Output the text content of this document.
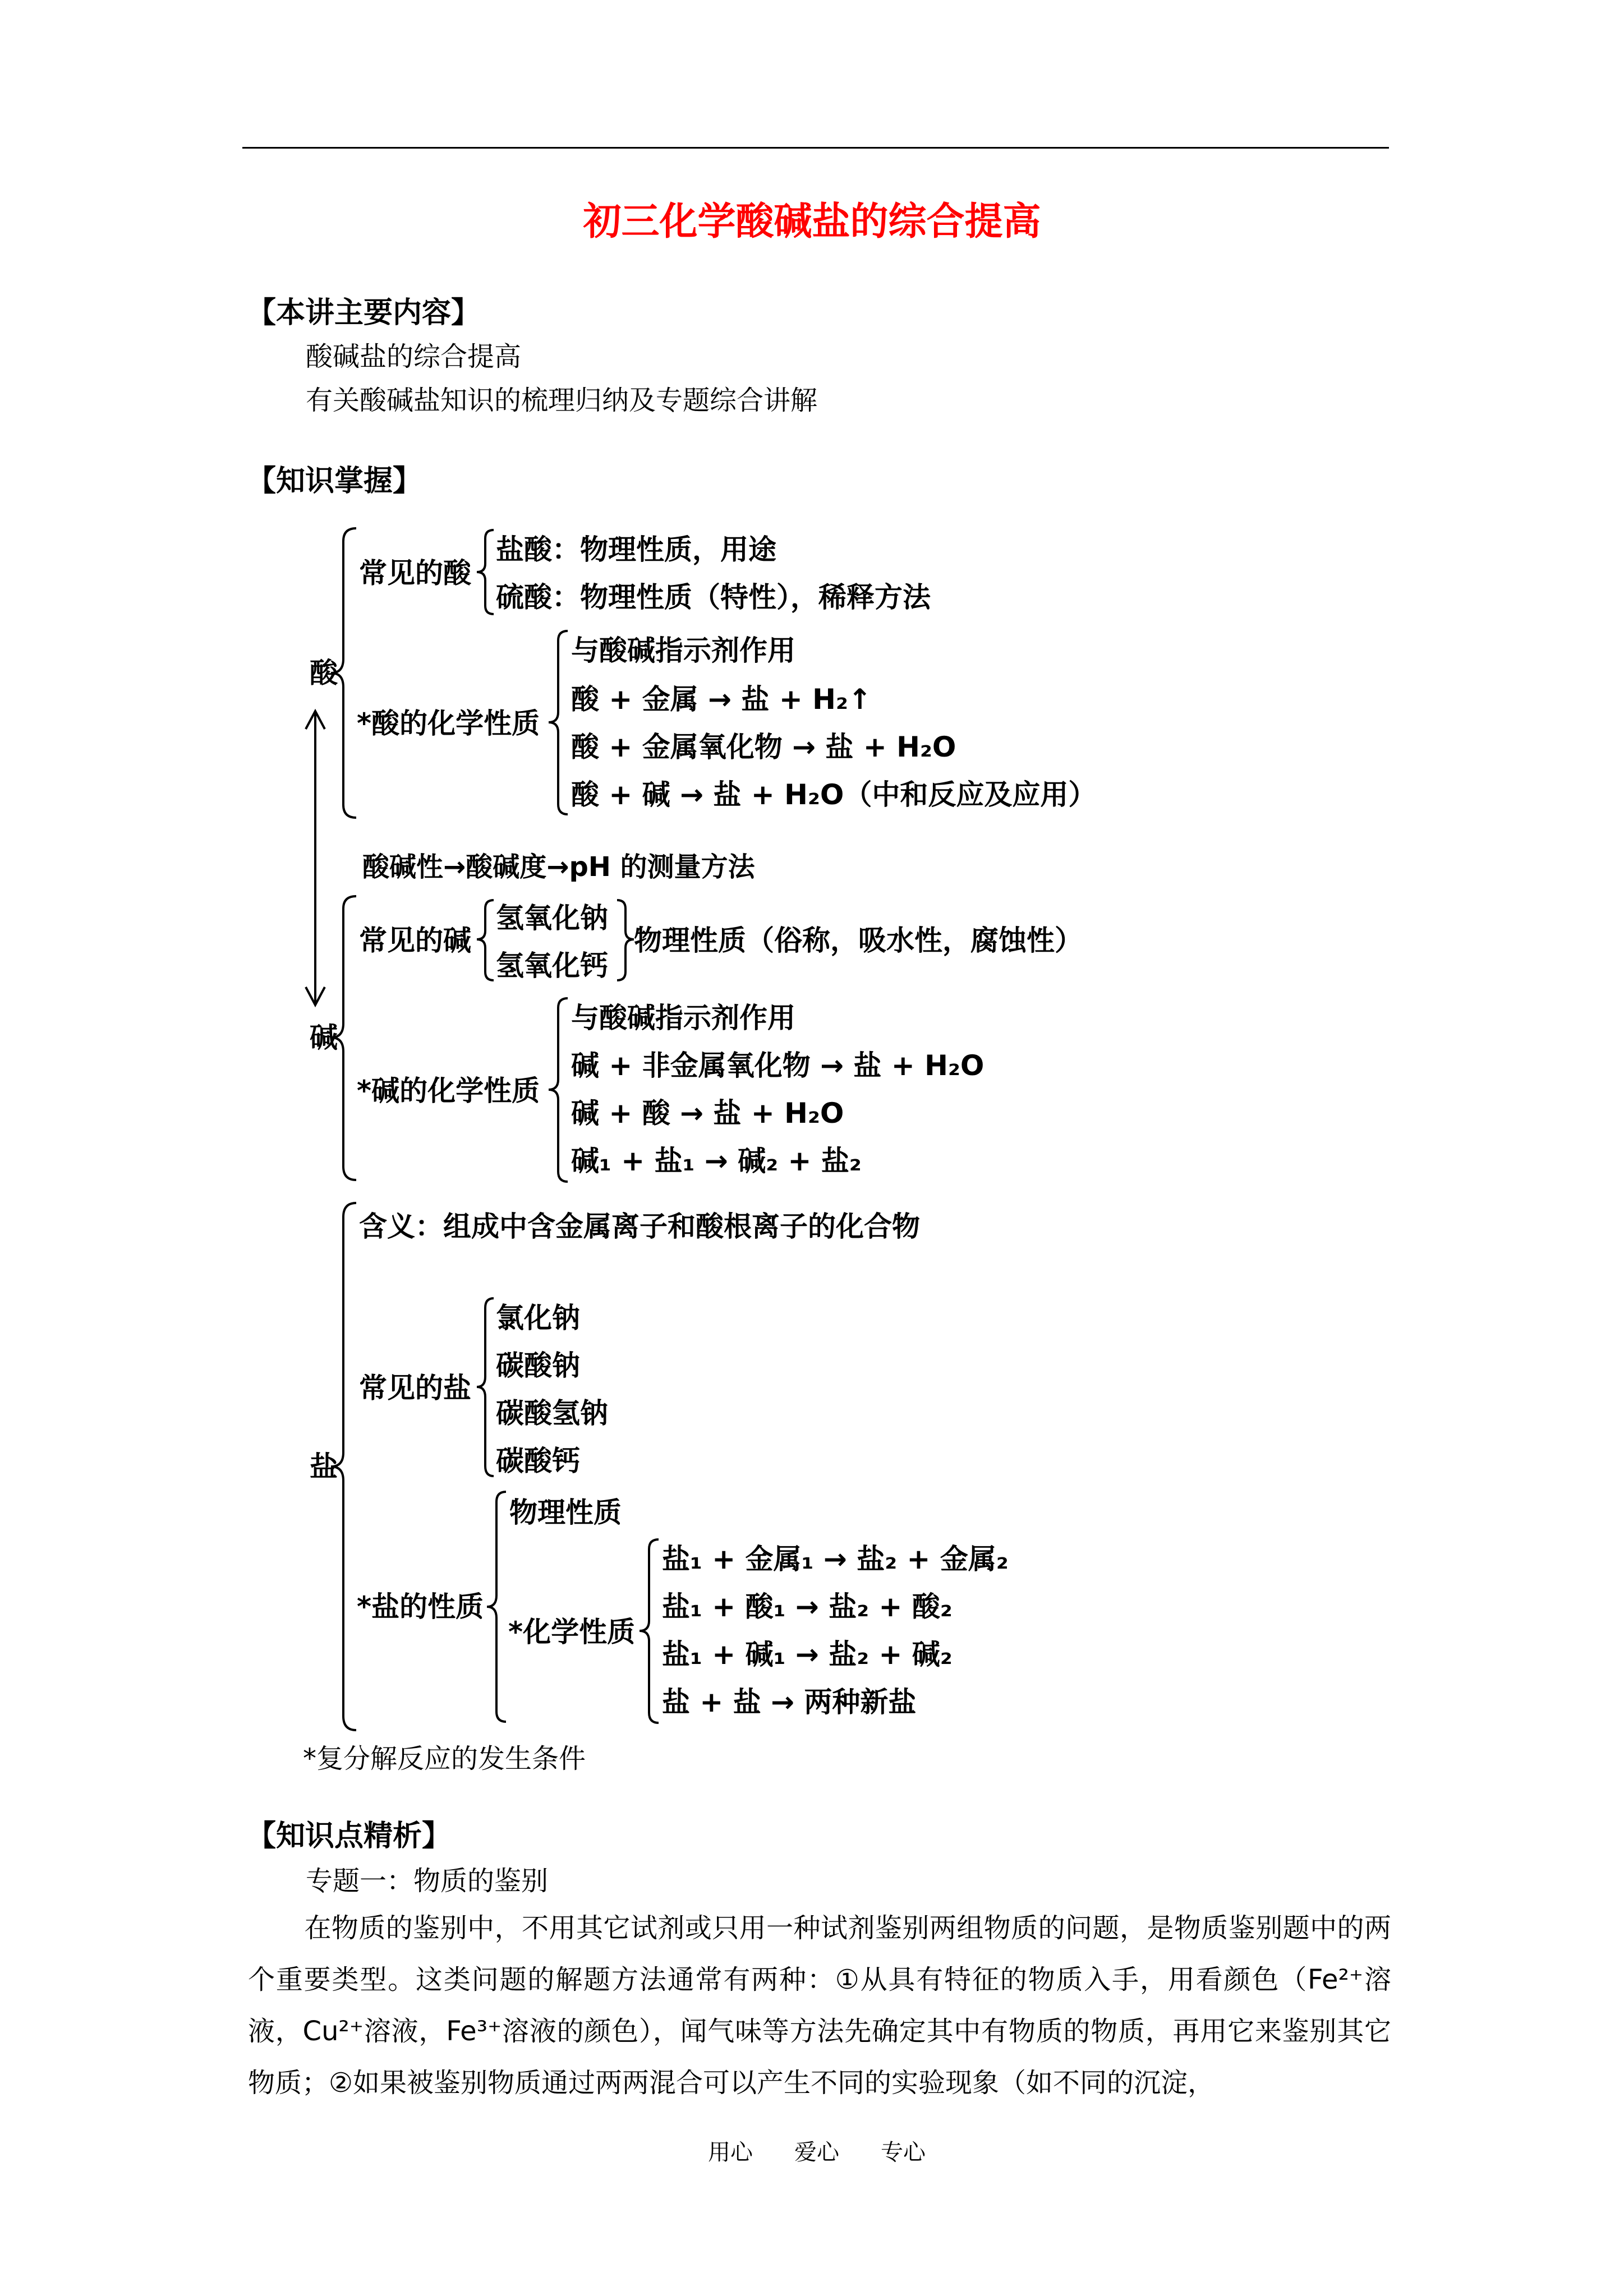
初三化学酸碱盐的综合提高
【本讲主要内容】
酸碱盐的综合提高
有关酸碱盐知识的梳理归纳及专题综合讲解
【知识掌握】
酸
常见的酸
盐酸：物理性质，用途
硫酸：物理性质（特性），稀释方法
*酸的化学性质
与酸碱指示剂作用
酸 + 金属 → 盐 + H₂↑
酸 + 金属氧化物 → 盐 + H₂O
酸 + 碱 → 盐 + H₂O（中和反应及应用）
酸碱性→酸碱度→pH 的测量方法
碱
常见的碱
氢氧化钠
氢氧化钙
物理性质（俗称，吸水性，腐蚀性）
*碱的化学性质
与酸碱指示剂作用
碱 + 非金属氧化物 → 盐 + H₂O
碱 + 酸 → 盐 + H₂O
碱₁ + 盐₁ → 碱₂ + 盐₂
盐
含义：组成中含金属离子和酸根离子的化合物
常见的盐
氯化钠
碳酸钠
碳酸氢钠
碳酸钙
*盐的性质
物理性质
*化学性质
盐₁ + 金属₁ → 盐₂ + 金属₂
盐₁ + 酸₁ → 盐₂ + 酸₂
盐₁ + 碱₁ → 盐₂ + 碱₂
盐 + 盐 → 两种新盐
*复分解反应的发生条件
【知识点精析】
专题一：物质的鉴别
在物质的鉴别中，不用其它试剂或只用一种试剂鉴别两组物质的问题，是物质鉴别题中的两个重要类型。这类问题的解题方法通常有两种：①从具有特征的物质入手，用看颜色（Fe²⁺溶液，Cu²⁺溶液，Fe³⁺溶液的颜色），闻气味等方法先确定其中有物质的物质，再用它来鉴别其它物质；②如果被鉴别物质通过两两混合可以产生不同的实验现象（如不同的沉淀，
用心 爱心 专心
